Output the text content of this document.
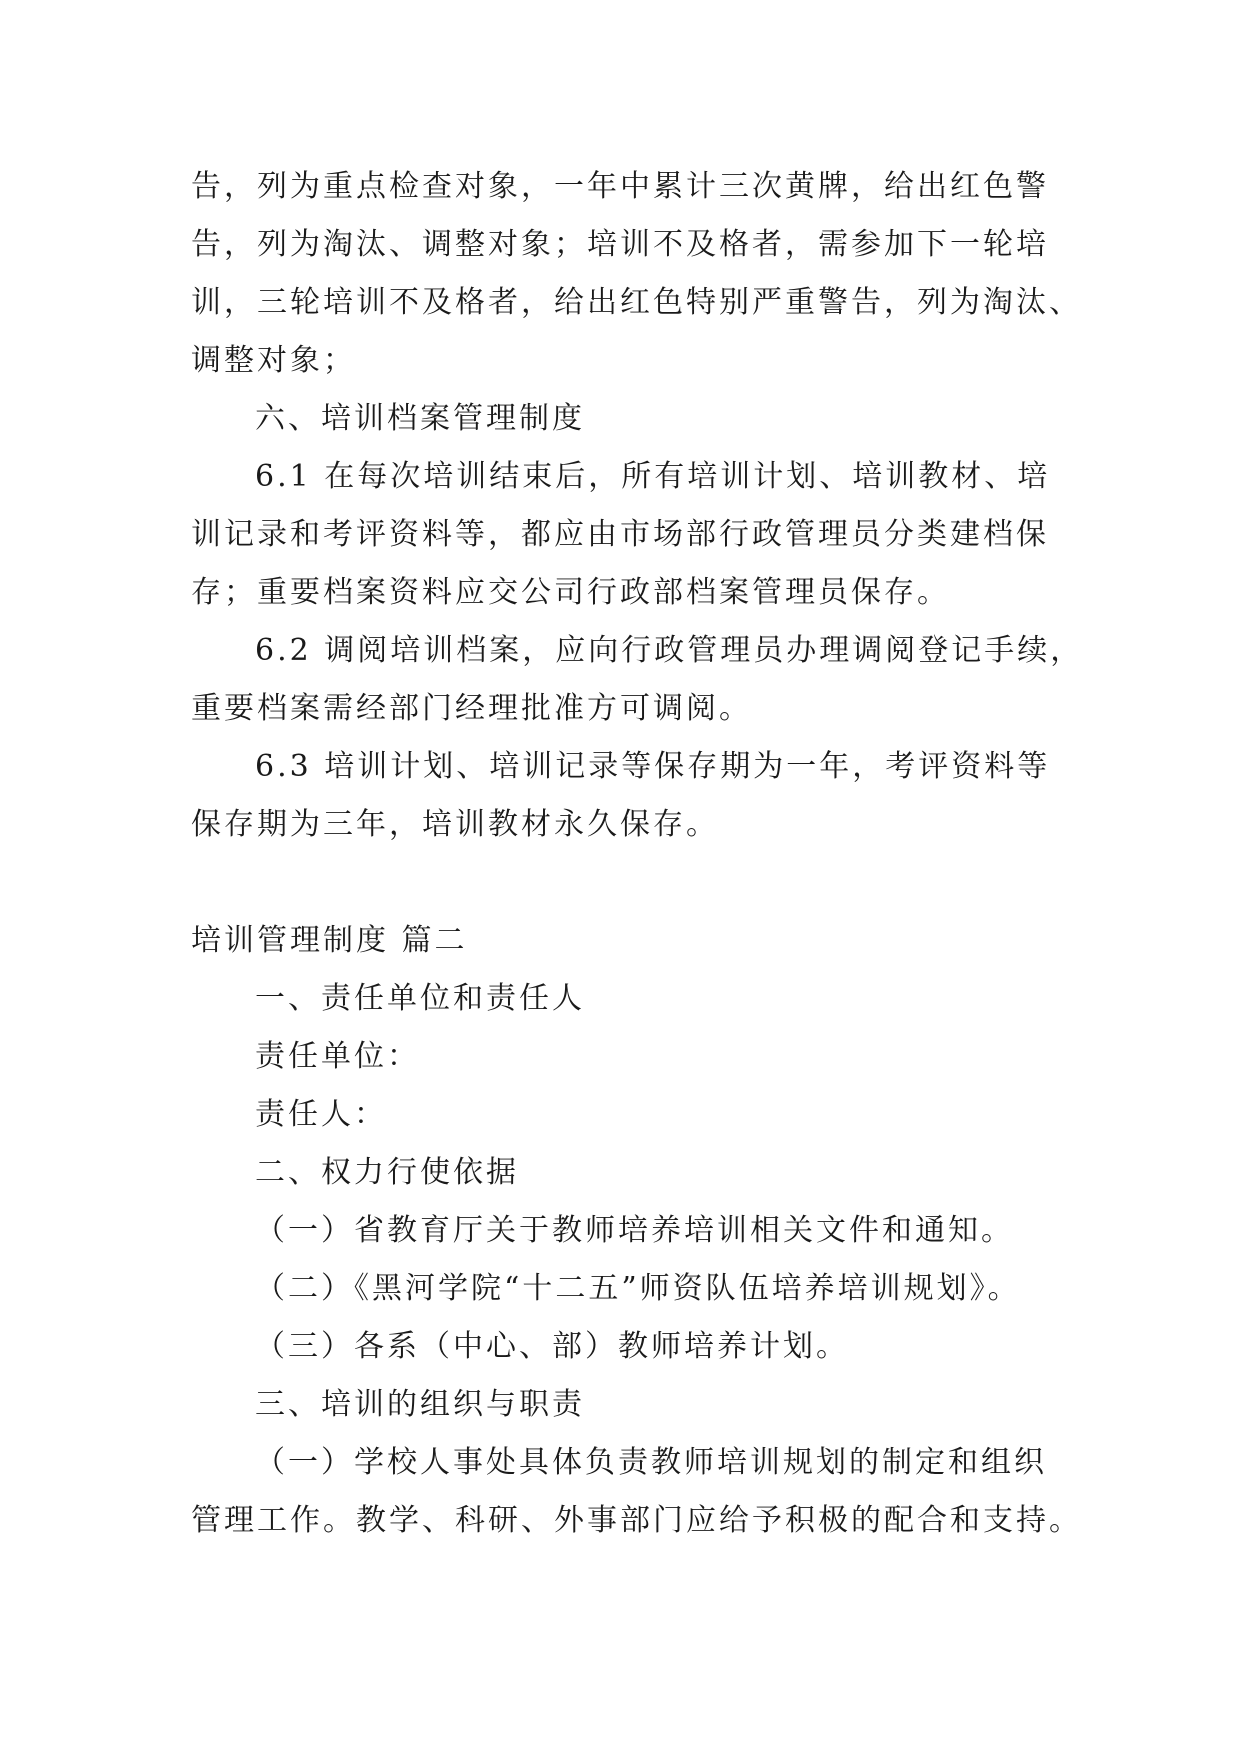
告，列为重点检查对象，一年中累计三次黄牌，给出红色警
告，列为淘汰、调整对象；培训不及格者，需参加下一轮培
训，三轮培训不及格者，给出红色特别严重警告，列为淘汰、
调整对象；
六、培训档案管理制度
6.1 在每次培训结束后，所有培训计划、培训教材、培
训记录和考评资料等，都应由市场部行政管理员分类建档保
存；重要档案资料应交公司行政部档案管理员保存。
6.2 调阅培训档案，应向行政管理员办理调阅登记手续，
重要档案需经部门经理批准方可调阅。
6.3 培训计划、培训记录等保存期为一年，考评资料等
保存期为三年，培训教材永久保存。
培训管理制度 篇二
一、责任单位和责任人
责任单位：
责任人：
二、权力行使依据
（一）省教育厅关于教师培养培训相关文件和通知。
（二）《黑河学院“十二五”师资队伍培养培训规划》。
（三）各系（中心、部）教师培养计划。
三、培训的组织与职责
（一）学校人事处具体负责教师培训规划的制定和组织
管理工作。教学、科研、外事部门应给予积极的配合和支持。
